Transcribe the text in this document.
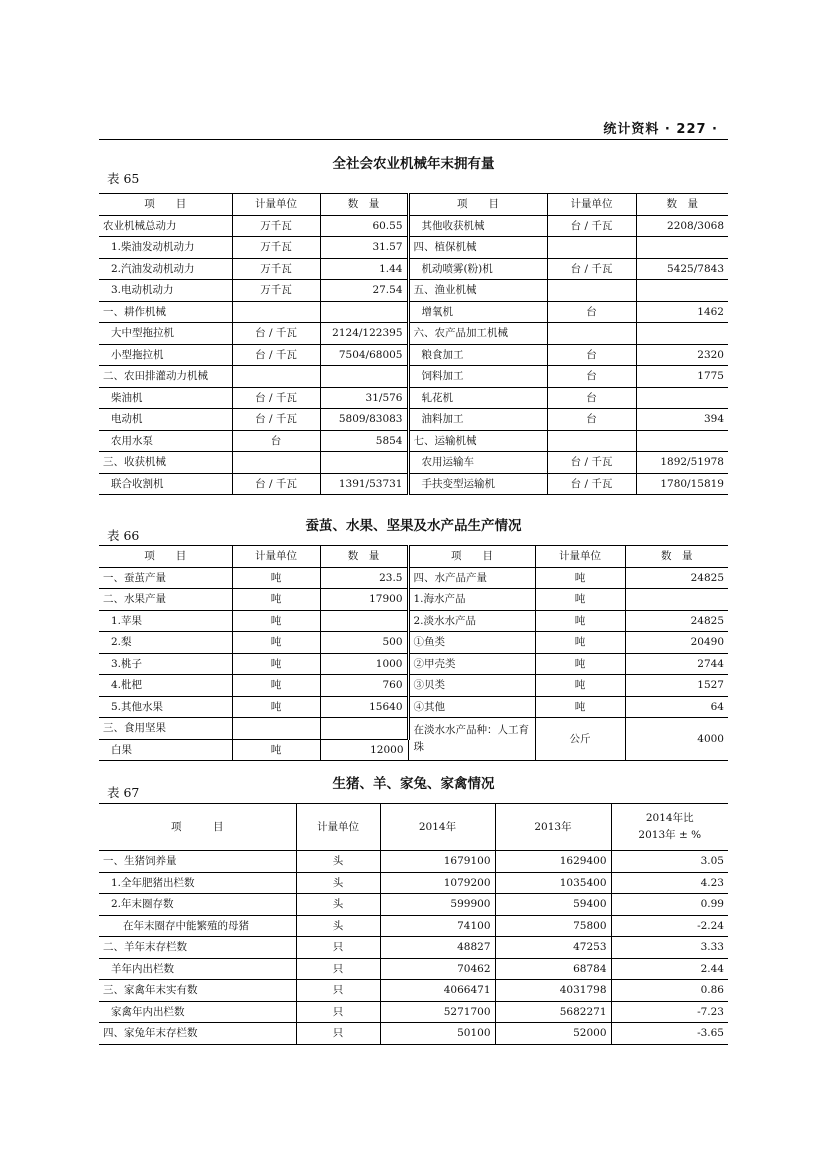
统计资料 · 227 ·
全社会农业机械年末拥有量
表 65
项　　目	计量单位	数　量	项　　目	计量单位	数　量
农业机械总动力	万千瓦	60.55	其他收获机械	台 / 千瓦	2208/3068
1.柴油发动机动力	万千瓦	31.57	四、植保机械		
2.汽油发动机动力	万千瓦	1.44	机动喷雾(粉)机	台 / 千瓦	5425/7843
3.电动机动力	万千瓦	27.54	五、渔业机械		
一、耕作机械			增氧机	台	1462
大中型拖拉机	台 / 千瓦	2124/122395	六、农产品加工机械		
小型拖拉机	台 / 千瓦	7504/68005	粮食加工	台	2320
二、农田排灌动力机械			饲料加工	台	1775
柴油机	台 / 千瓦	31/576	轧花机	台	
电动机	台 / 千瓦	5809/83083	油料加工	台	394
农用水泵	台	5854	七、运输机械		
三、收获机械			农用运输车	台 / 千瓦	1892/51978
联合收割机	台 / 千瓦	1391/53731	手扶变型运输机	台 / 千瓦	1780/15819
蚕茧、水果、坚果及水产品生产情况
表 66
项　　目	计量单位	数　量	项　　目	计量单位	数　量
一、蚕茧产量	吨	23.5	四、水产品产量	吨	24825
二、水果产量	吨	17900	1.海水产品	吨	
1.苹果	吨		2.淡水水产品	吨	24825
2.梨	吨	500	①鱼类	吨	20490
3.桃子	吨	1000	②甲壳类	吨	2744
4.枇杷	吨	760	③贝类	吨	1527
5.其他水果	吨	15640	④其他	吨	64
三、食用坚果			在淡水水产品种：人工育珠	公斤	4000
白果	吨	12000			
生猪、羊、家兔、家禽情况
表 67
项　　　目	计量单位	2014年	2013年	2014年比
2013年 ± %

一、生猪饲养量	头	1679100	1629400	3.05
1.全年肥猪出栏数	头	1079200	1035400	4.23
2.年末圈存数	头	599900	59400	0.99
在年末圈存中能繁殖的母猪	头	74100	75800	-2.24
二、羊年末存栏数	只	48827	47253	3.33
羊年内出栏数	只	70462	68784	2.44
三、家禽年末实有数	只	4066471	4031798	0.86
家禽年内出栏数	只	5271700	5682271	-7.23
四、家兔年末存栏数	只	50100	52000	-3.65
